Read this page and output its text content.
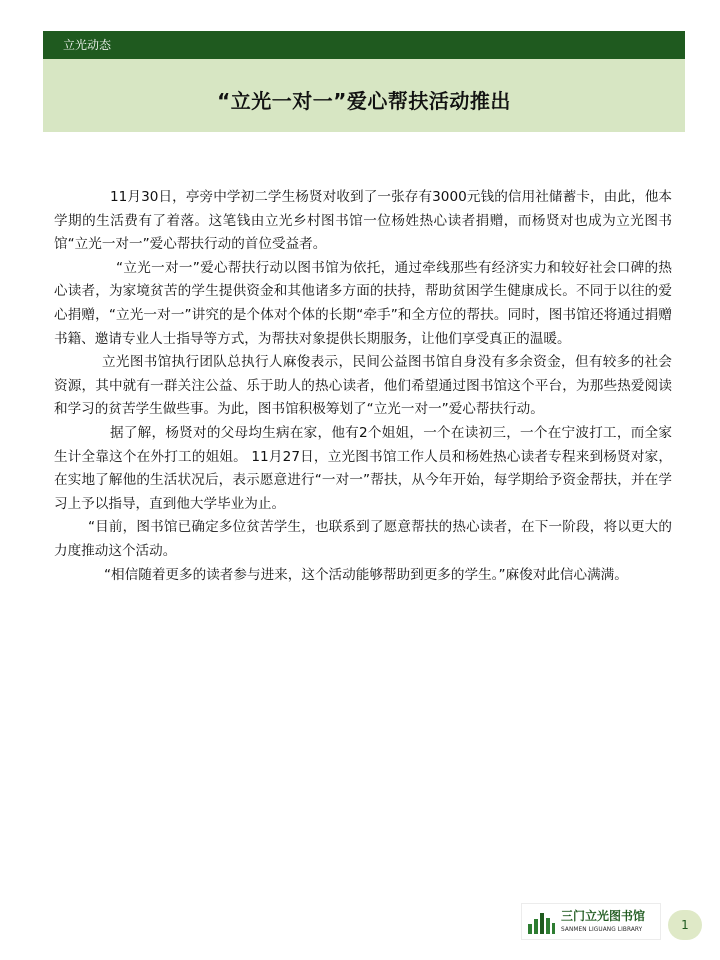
立光动态
“立光一对一”爱心帮扶活动推出

11月30日，亭旁中学初二学生杨贤对收到了一张存有3000元钱的信用社储蓄卡，由此，他本学期的生活费有了着落。这笔钱由立光乡村图书馆一位杨姓热心读者捐赠，而杨贤对也成为立光图书馆“立光一对一”爱心帮扶行动的首位受益者。

“立光一对一”爱心帮扶行动以图书馆为依托，通过牵线那些有经济实力和较好社会口碑的热心读者，为家境贫苦的学生提供资金和其他诸多方面的扶持，帮助贫困学生健康成长。不同于以往的爱心捐赠，“立光一对一”讲究的是个体对个体的长期“牵手”和全方位的帮扶。同时，图书馆还将通过捐赠书籍、邀请专业人士指导等方式，为帮扶对象提供长期服务，让他们享受真正的温暖。

立光图书馆执行团队总执行人麻俊表示，民间公益图书馆自身没有多余资金，但有较多的社会资源，其中就有一群关注公益、乐于助人的热心读者，他们希望通过图书馆这个平台，为那些热爱阅读和学习的贫苦学生做些事。为此，图书馆积极筹划了“立光一对一”爱心帮扶行动。

据了解，杨贤对的父母均生病在家，他有2个姐姐，一个在读初三，一个在宁波打工，而全家生计全靠这个在外打工的姐姐。 11月27日，立光图书馆工作人员和杨姓热心读者专程来到杨贤对家，在实地了解他的生活状况后，表示愿意进行“一对一”帮扶，从今年开始，每学期给予资金帮扶，并在学习上予以指导，直到他大学毕业为止。

“目前，图书馆已确定多位贫苦学生，也联系到了愿意帮扶的热心读者，在下一阶段，将以更大的力度推动这个活动。

“相信随着更多的读者参与进来，这个活动能够帮助到更多的学生。”麻俊对此信心满满。

三门立光图书馆
SANMEN LIGUANG LIBRARY	1
